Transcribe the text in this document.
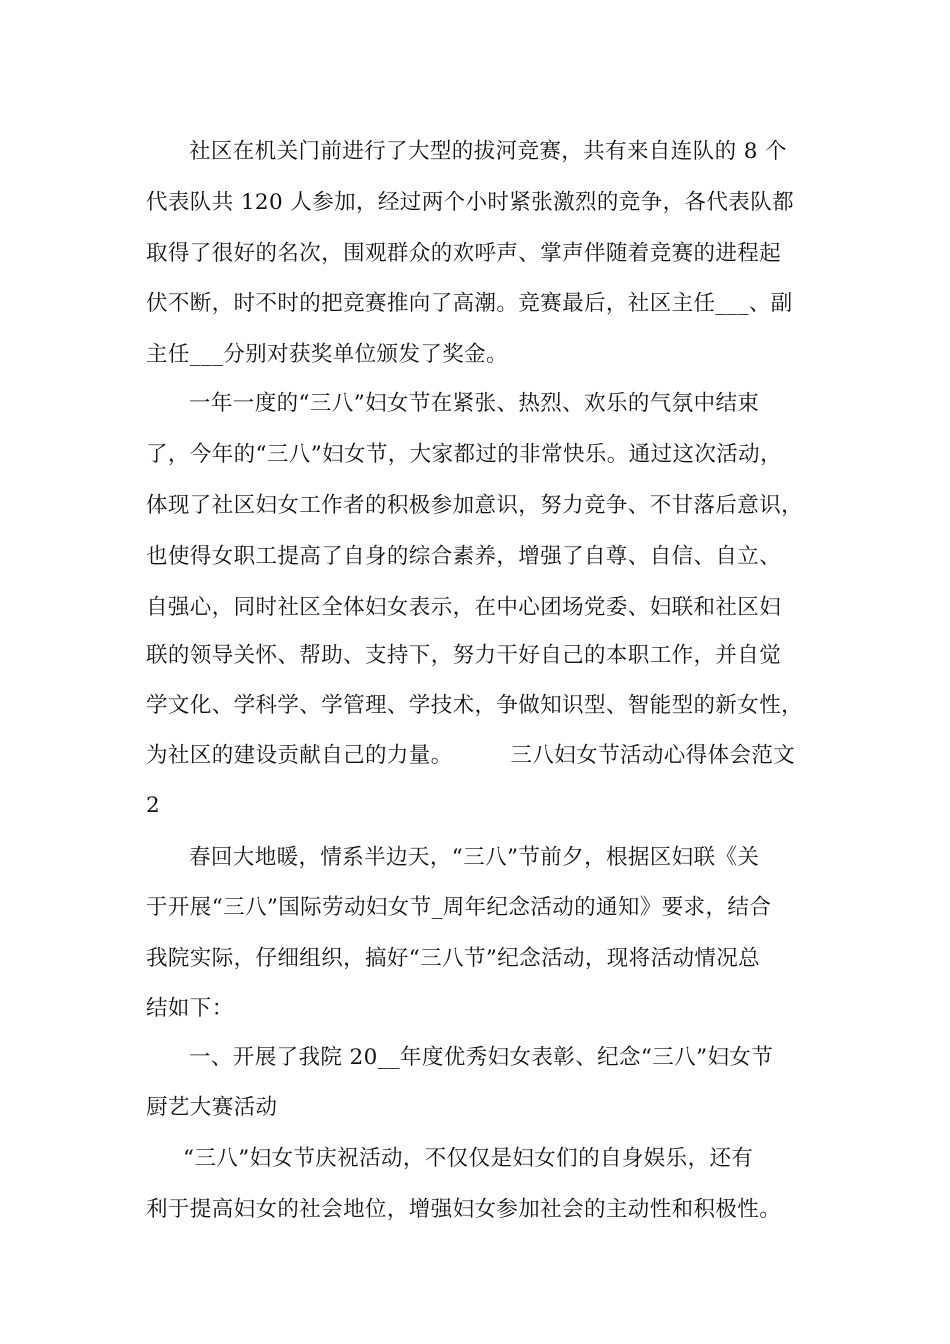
社区在机关门前进行了大型的拔河竞赛，共有来自连队的 8 个
代表队共 120 人参加，经过两个小时紧张激烈的竞争，各代表队都
取得了很好的名次，围观群众的欢呼声、掌声伴随着竞赛的进程起
伏不断，时不时的把竞赛推向了高潮。竞赛最后，社区主任___、副
主任___分别对获奖单位颁发了奖金。
一年一度的“三八”妇女节在紧张、热烈、欢乐的气氛中结束
了，今年的“三八”妇女节，大家都过的非常快乐。通过这次活动，
体现了社区妇女工作者的积极参加意识，努力竞争、不甘落后意识，
也使得女职工提高了自身的综合素养，增强了自尊、自信、自立、
自强心，同时社区全体妇女表示，在中心团场党委、妇联和社区妇
联的领导关怀、帮助、支持下，努力干好自己的本职工作，并自觉
学文化、学科学、学管理、学技术，争做知识型、智能型的新女性，
为社区的建设贡献自己的力量。        三八妇女节活动心得体会范文
2
春回大地暖，情系半边天，“三八”节前夕，根据区妇联《关
于开展“三八”国际劳动妇女节_周年纪念活动的通知》要求，结合
我院实际，仔细组织，搞好“三八节”纪念活动，现将活动情况总
结如下：
一、开展了我院 20__年度优秀妇女表彰、纪念“三八”妇女节
厨艺大赛活动
“三八”妇女节庆祝活动，不仅仅是妇女们的自身娱乐，还有
利于提高妇女的社会地位，增强妇女参加社会的主动性和积极性。
